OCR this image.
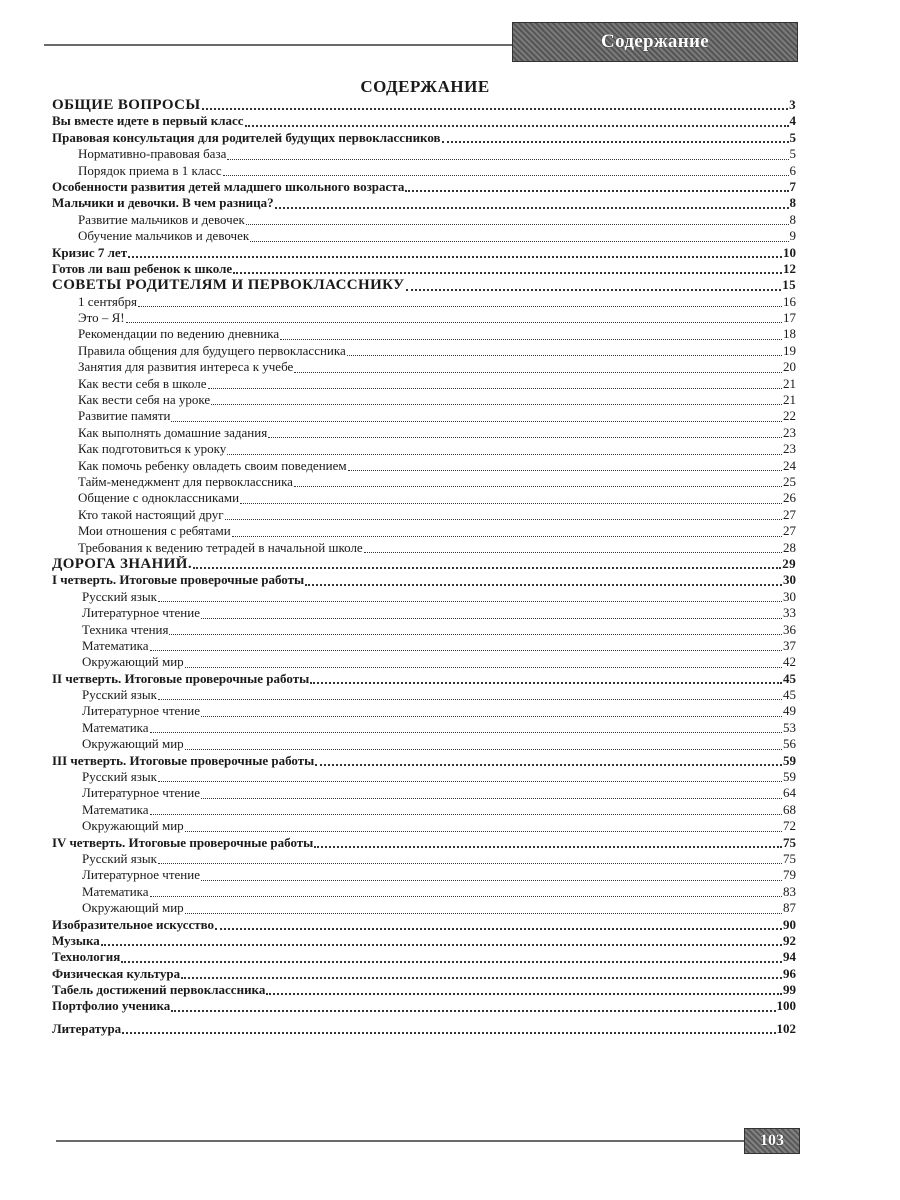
Содержание
СОДЕРЖАНИЕ
ОБЩИЕ ВОПРОСЫ	3
Вы вместе идете в первый класс	4
Правовая консультация для родителей будущих первоклассников	5
Нормативно-правовая база	5
Порядок приема в 1 класс	6
Особенности развития детей младшего школьного возраста	7
Мальчики и девочки. В чем разница?	8
Развитие мальчиков и девочек	8
Обучение мальчиков и девочек	9
Кризис 7 лет	10
Готов ли ваш ребенок к школе	12
СОВЕТЫ РОДИТЕЛЯМ И ПЕРВОКЛАССНИКУ	15
1 сентября	16
Это – Я!	17
Рекомендации по ведению дневника	18
Правила общения для будущего первоклассника	19
Занятия для развития интереса к учебе	20
Как вести себя в школе	21
Как вести себя на уроке	21
Развитие памяти	22
Как выполнять домашние задания	23
Как подготовиться к уроку	23
Как помочь ребенку овладеть своим поведением	24
Тайм-менеджмент для первоклассника	25
Общение с одноклассниками	26
Кто такой настоящий друг	27
Мои отношения с ребятами	27
Требования к ведению тетрадей в начальной школе	28
ДОРОГА ЗНАНИЙ.	29
I четверть. Итоговые проверочные работы	30
Русский язык	30
Литературное чтение	33
Техника чтения	36
Математика	37
Окружающий мир	42
II четверть. Итоговые проверочные работы	45
Русский язык	45
Литературное чтение	49
Математика	53
Окружающий мир	56
III четверть. Итоговые проверочные работы	59
Русский язык	59
Литературное чтение	64
Математика	68
Окружающий мир	72
IV четверть. Итоговые проверочные работы	75
Русский язык	75
Литературное чтение	79
Математика	83
Окружающий мир	87
Изобразительное искусство	90
Музыка	92
Технология	94
Физическая культура	96
Табель достижений первоклассника	99
Портфолио ученика	100
Литература	102
103
